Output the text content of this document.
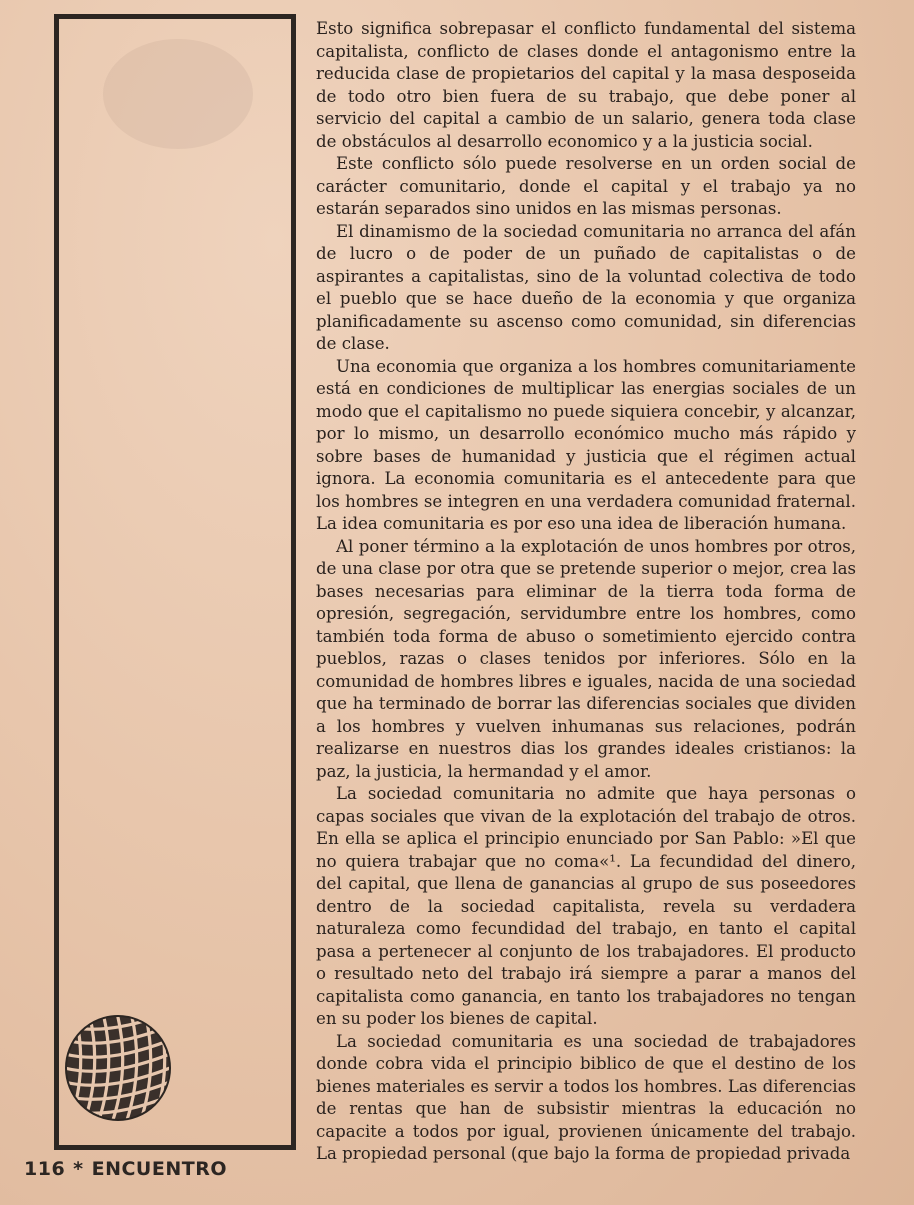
Esto significa sobrepasar el conflicto fundamental del sistema capitalista, conflicto de clases donde el antagonismo entre la reducida clase de propietarios del capital y la masa desposeida de todo otro bien fuera de su trabajo, que debe poner al servicio del capital a cambio de un salario, genera toda clase de obstáculos al desarrollo economico y a la justicia social.

Este conflicto sólo puede resolverse en un orden social de carácter comunitario, donde el capital y el trabajo ya no estarán separados sino unidos en las mismas personas.

El dinamismo de la sociedad comunitaria no arranca del afán de lucro o de poder de un puñado de capitalistas o de aspirantes a capitalistas, sino de la voluntad colectiva de todo el pueblo que se hace dueño de la economia y que organiza planificadamente su ascenso como comunidad, sin diferencias de clase.

Una economia que organiza a los hombres comunitariamente está en condiciones de multiplicar las energias sociales de un modo que el capitalismo no puede siquiera concebir, y alcanzar, por lo mismo, un desarrollo económico mucho más rápido y sobre bases de humanidad y justicia que el régimen actual ignora. La economia comunitaria es el antecedente para que los hombres se integren en una verdadera comunidad fraternal. La idea comunitaria es por eso una idea de liberación humana.

Al poner término a la explotación de unos hombres por otros, de una clase por otra que se pretende superior o mejor, crea las bases necesarias para eliminar de la tierra toda forma de opresión, segregación, servidumbre entre los hombres, como también toda forma de abuso o sometimiento ejercido contra pueblos, razas o clases tenidos por inferiores. Sólo en la comunidad de hombres libres e iguales, nacida de una sociedad que ha terminado de borrar las diferencias sociales que dividen a los hombres y vuelven inhumanas sus relaciones, podrán realizarse en nuestros dias los grandes ideales cristianos: la paz, la justicia, la hermandad y el amor.

La sociedad comunitaria no admite que haya personas o capas sociales que vivan de la explotación del trabajo de otros. En ella se aplica el principio enunciado por San Pablo: »El que no quiera trabajar que no coma«¹. La fecundidad del dinero, del capital, que llena de ganancias al grupo de sus poseedores dentro de la sociedad capitalista, revela su verdadera naturaleza como fecundidad del trabajo, en tanto el capital pasa a pertenecer al conjunto de los trabajadores. El producto o resultado neto del trabajo irá siempre a parar a manos del capitalista como ganancia, en tanto los trabajadores no tengan en su poder los bienes de capital.

La sociedad comunitaria es una sociedad de trabajadores donde cobra vida el principio biblico de que el destino de los bienes materiales es servir a todos los hombres. Las diferencias de rentas que han de subsistir mientras la educación no capacite a todos por igual, provienen únicamente del trabajo. La propiedad personal (que bajo la forma de propiedad privada

116 * ENCUENTRO
